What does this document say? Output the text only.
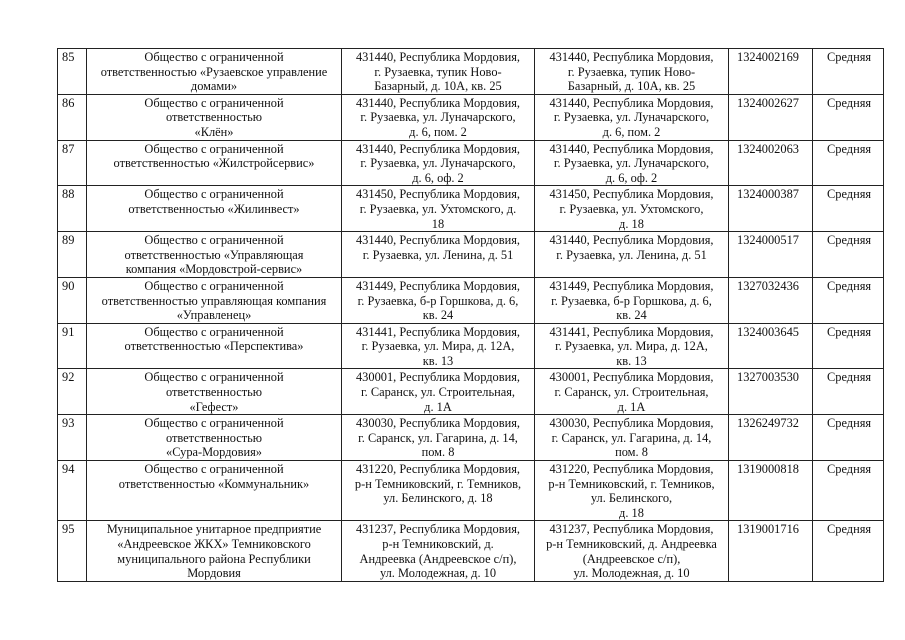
85	Общество с ограниченной
ответственностью «Рузаевское управление
домами»	431440, Республика Мордовия,
г. Рузаевка, тупик Ново-
Базарный, д. 10А, кв. 25	431440, Республика Мордовия,
г. Рузаевка, тупик Ново-
Базарный, д. 10А, кв. 25	1324002169	Средняя
86	Общество с ограниченной
ответственностью
«Клён»	431440, Республика Мордовия,
г. Рузаевка, ул. Луначарского,
д. 6, пом. 2	431440, Республика Мордовия,
г. Рузаевка, ул. Луначарского,
д. 6, пом. 2	1324002627	Средняя
87	Общество с ограниченной
ответственностью «Жилстройсервис»	431440, Республика Мордовия,
г. Рузаевка, ул. Луначарского,
д. 6, оф. 2	431440, Республика Мордовия,
г. Рузаевка, ул. Луначарского,
д. 6, оф. 2	1324002063	Средняя
88	Общество с ограниченной
ответственностью «Жилинвест»	431450, Республика Мордовия,
г. Рузаевка, ул. Ухтомского, д.
18	431450, Республика Мордовия,
г. Рузаевка, ул. Ухтомского,
д. 18	1324000387	Средняя
89	Общество с ограниченной
ответственностью «Управляющая
компания «Мордовстрой-сервис»	431440, Республика Мордовия,
г. Рузаевка, ул. Ленина, д. 51	431440, Республика Мордовия,
г. Рузаевка, ул. Ленина, д. 51	1324000517	Средняя
90	Общество с ограниченной
ответственностью управляющая компания
«Управленец»	431449, Республика Мордовия,
г. Рузаевка, б-р Горшкова, д. 6,
кв. 24	431449, Республика Мордовия,
г. Рузаевка, б-р Горшкова, д. 6,
кв. 24	1327032436	Средняя
91	Общество с ограниченной
ответственностью «Перспектива»	431441, Республика Мордовия,
г. Рузаевка, ул. Мира, д. 12А,
кв. 13	431441, Республика Мордовия,
г. Рузаевка, ул. Мира, д. 12А,
кв. 13	1324003645	Средняя
92	Общество с ограниченной
ответственностью
«Гефест»	430001, Республика Мордовия,
г. Саранск, ул. Строительная,
д. 1А	430001, Республика Мордовия,
г. Саранск, ул. Строительная,
д. 1А	1327003530	Средняя
93	Общество с ограниченной
ответственностью
«Сура-Мордовия»	430030, Республика Мордовия,
г. Саранск, ул. Гагарина, д. 14,
пом. 8	430030, Республика Мордовия,
г. Саранск, ул. Гагарина, д. 14,
пом. 8	1326249732	Средняя
94	Общество с ограниченной
ответственностью «Коммунальник»	431220, Республика Мордовия,
р-н Темниковский, г. Темников,
ул. Белинского, д. 18	431220, Республика Мордовия,
р-н Темниковский, г. Темников,
ул. Белинского,
д. 18	1319000818	Средняя
95	Муниципальное унитарное предприятие
«Андреевское ЖКХ» Темниковского
муниципального района Республики
Мордовия	431237, Республика Мордовия,
р-н Темниковский, д.
Андреевка (Андреевское с/п),
ул. Молодежная, д. 10	431237, Республика Мордовия,
р-н Темниковский, д. Андреевка
(Андреевское с/п),
ул. Молодежная, д. 10	1319001716	Средняя
